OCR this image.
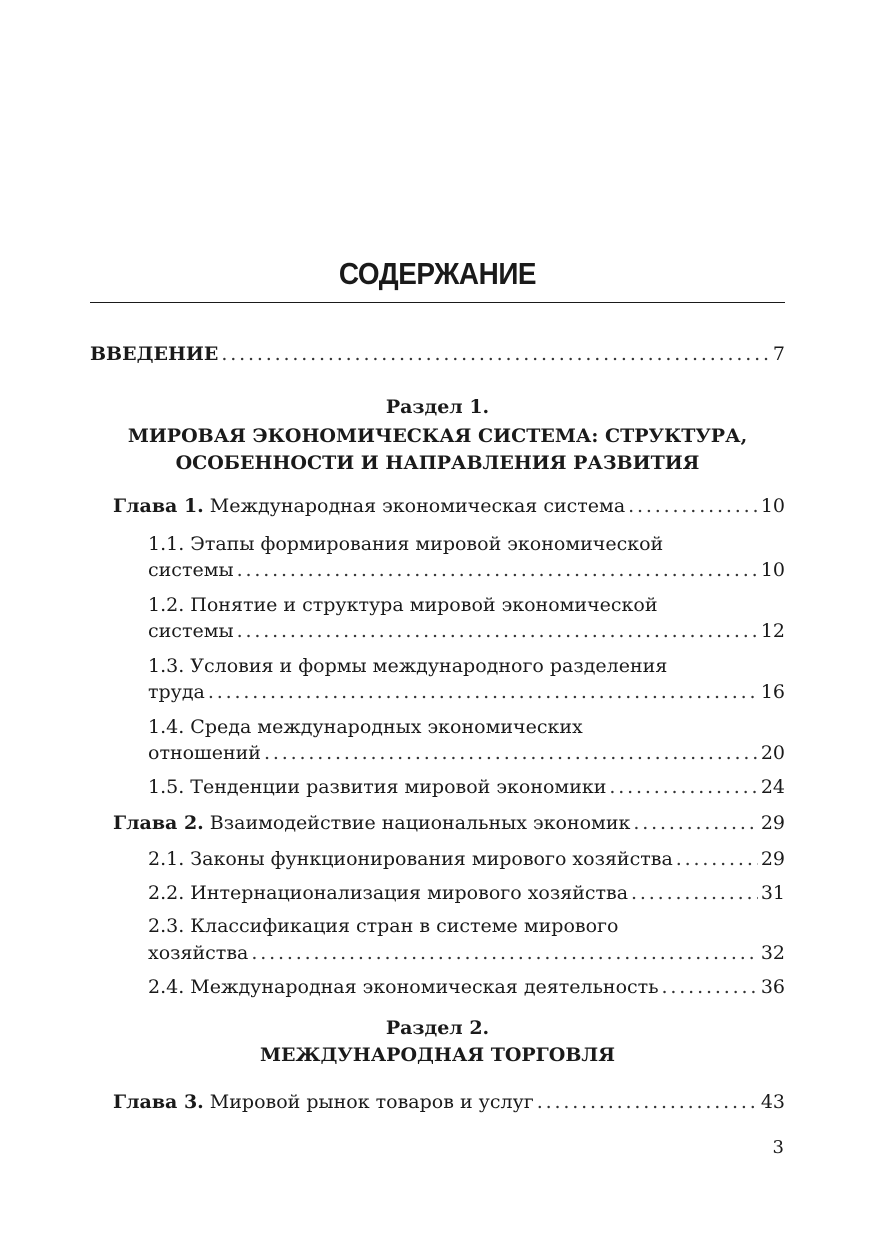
СОДЕРЖАНИЕ
ВВЕДЕНИЕ . . .	7
Раздел 1.
МИРОВАЯ ЭКОНОМИЧЕСКАЯ СИСТЕМА: СТРУКТУРА,
ОСОБЕННОСТИ И НАПРАВЛЕНИЯ РАЗВИТИЯ
Глава 1. Международная экономическая система . . .	10
1.1. Этапы формирования мировой экономической
системы . . .	10
1.2. Понятие и структура мировой экономической
системы . . .	12
1.3. Условия и формы международного разделения
труда . . .	16
1.4. Среда международных экономических
отношений . . .	20
1.5. Тенденции развития мировой экономики . . .	24
Глава 2. Взаимодействие национальных экономик . . .	29
2.1. Законы функционирования мирового хозяйства . . .	29
2.2. Интернационализация мирового хозяйства . . .	31
2.3. Классификация стран в системе мирового
хозяйства . . .	32
2.4. Международная экономическая деятельность . . .	36
Раздел 2.
МЕЖДУНАРОДНАЯ ТОРГОВЛЯ
Глава 3. Мировой рынок товаров и услуг . . .	43
3
